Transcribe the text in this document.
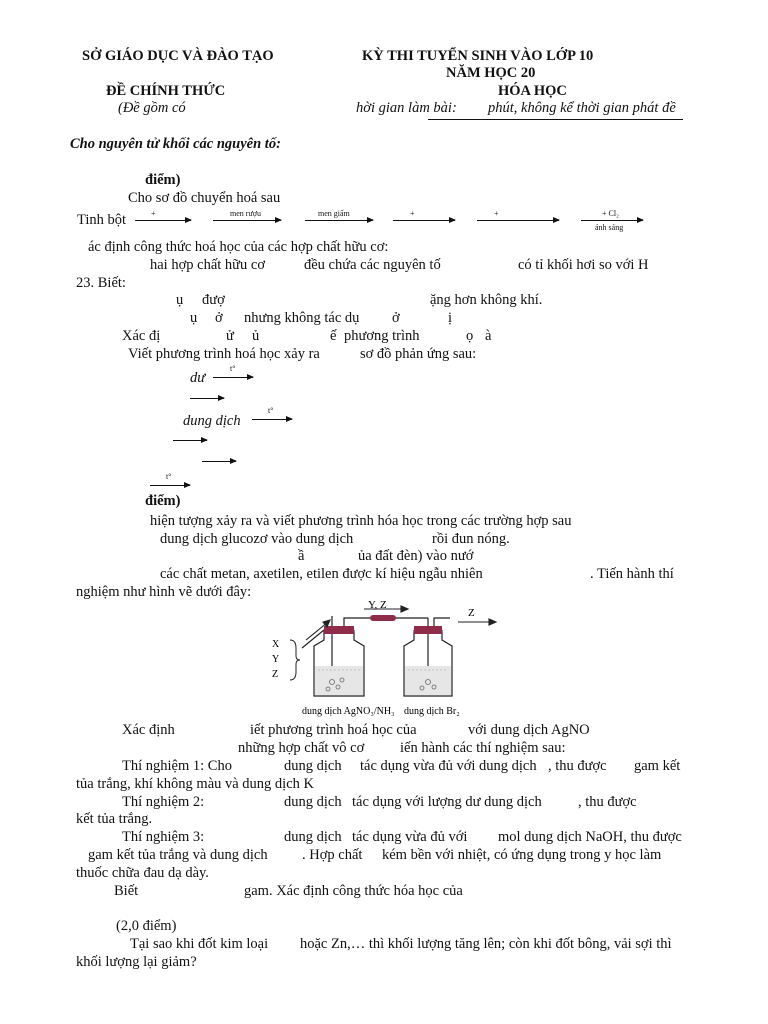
SỞ GIÁO DỤC VÀ ĐÀO TẠO	KỲ THI TUYỂN SINH VÀO LỚP 10
NĂM HỌC 20
ĐỀ CHÍNH THỨC	HÓA HỌC
(Đề gồm có	hời gian làm bài: phút, không kể thời gian phát đề
Cho nguyên tử khối các nguyên tố:
điểm)
Cho sơ đồ chuyển hoá sau
Tinh bột	+	men rượu	men giấm	+	+	+ Cl₂
ánh sáng
ác định công thức hoá học của các hợp chất hữu cơ:
hai hợp chất hữu cơ	đều chứa các nguyên tố	có tỉ khối hơi so với H
23. Biết:
ụ đượ	ặng hơn không khí.
ụ ở nhưng không tác dụ ở	ị
Xác đị	ử ủ	ế phương trình	ọ à
Viết phương trình hoá học xảy ra	sơ đồ phản ứng sau:
dư →
t°
dung dịch →
t°
t°
điểm)
hiện tượng xảy ra và viết phương trình hóa học trong các trường hợp sau
dung dịch glucozơ vào dung dịch	rồi đun nóng.
ầ	ủa đất đèn) vào nướ
các chất metan, axetilen, etilen được kí hiệu ngẫu nhiên	. Tiến hành thí
nghiệm như hình vẽ dưới đây:
Y, Z
Z
X
Y
Z
dung dịch AgNO₃/NH₃ dung dịch Br₂
Xác định	iết phương trình hoá học của	với dung dịch AgNO
những hợp chất vô cơ iến hành các thí nghiệm sau:
Thí nghiệm 1: Cho	dung dịch tác dụng vừa đủ với dung dịch , thu được gam kết
tủa trắng, khí không màu và dung dịch K
Thí nghiệm 2:	dung dịch tác dụng với lượng dư dung dịch	, thu được
kết tủa trắng.
Thí nghiệm 3:	dung dịch tác dụng vừa đủ với mol dung dịch NaOH, thu được
gam kết tủa trắng và dung dịch . Hợp chất kém bền với nhiệt, có ứng dụng trong y học làm
thuốc chữa đau dạ dày.
Biết	gam. Xác định công thức hóa học của
(2,0 điểm)
Tại sao khi đốt kim loại hoặc Zn,… thì khối lượng tăng lên; còn khi đốt bông, vải sợi thì
khối lượng lại giảm?
